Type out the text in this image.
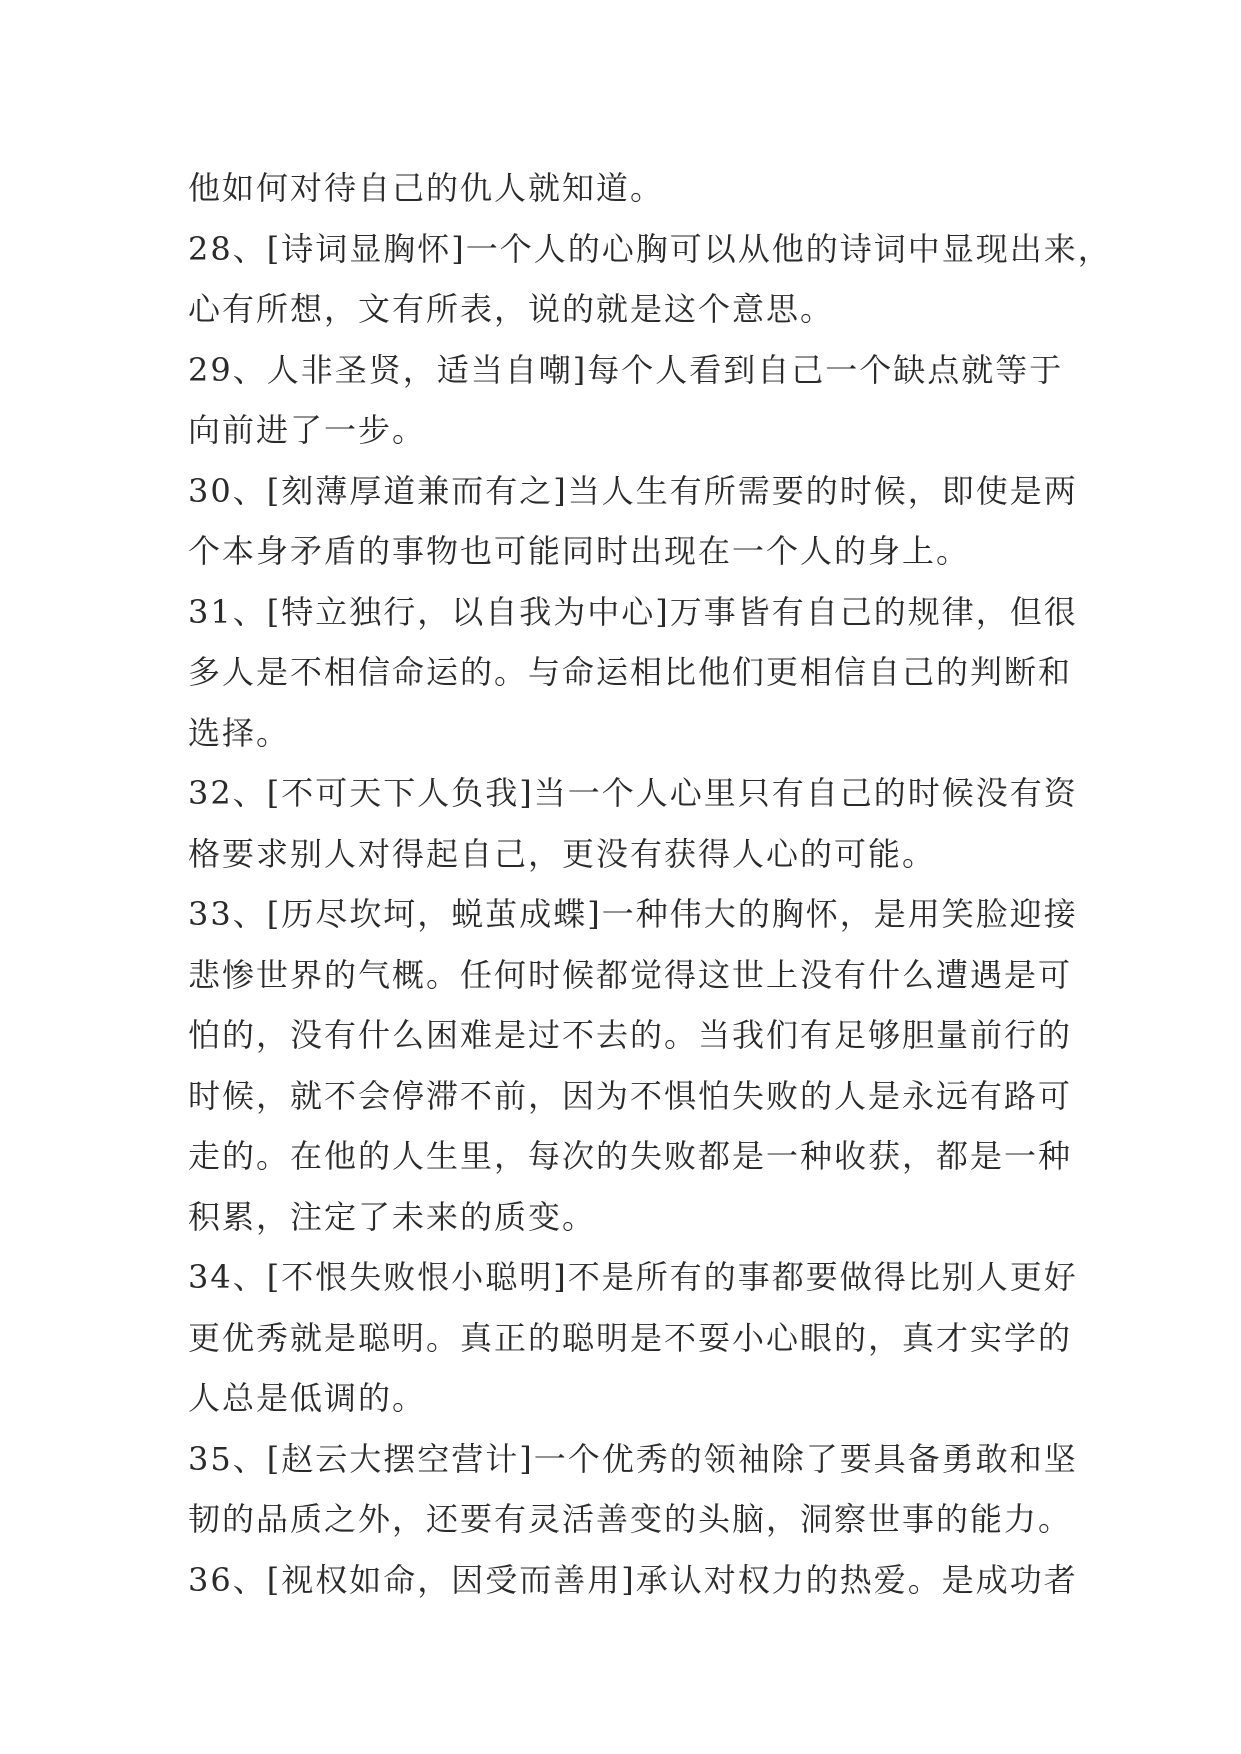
他如何对待自己的仇人就知道。
28、[诗词显胸怀]一个人的心胸可以从他的诗词中显现出来，
心有所想，文有所表，说的就是这个意思。
29、人非圣贤，适当自嘲]每个人看到自己一个缺点就等于
向前进了一步。
30、[刻薄厚道兼而有之]当人生有所需要的时候，即使是两
个本身矛盾的事物也可能同时出现在一个人的身上。
31、[特立独行，以自我为中心]万事皆有自己的规律，但很
多人是不相信命运的。与命运相比他们更相信自己的判断和
选择。
32、[不可天下人负我]当一个人心里只有自己的时候没有资
格要求别人对得起自己，更没有获得人心的可能。
33、[历尽坎坷，蜕茧成蝶]一种伟大的胸怀，是用笑脸迎接
悲惨世界的气概。任何时候都觉得这世上没有什么遭遇是可
怕的，没有什么困难是过不去的。当我们有足够胆量前行的
时候，就不会停滞不前，因为不惧怕失败的人是永远有路可
走的。在他的人生里，每次的失败都是一种收获，都是一种
积累，注定了未来的质变。
34、[不恨失败恨小聪明]不是所有的事都要做得比别人更好
更优秀就是聪明。真正的聪明是不耍小心眼的，真才实学的
人总是低调的。
35、[赵云大摆空营计]一个优秀的领袖除了要具备勇敢和坚
韧的品质之外，还要有灵活善变的头脑，洞察世事的能力。
36、[视权如命，因受而善用]承认对权力的热爱。是成功者
